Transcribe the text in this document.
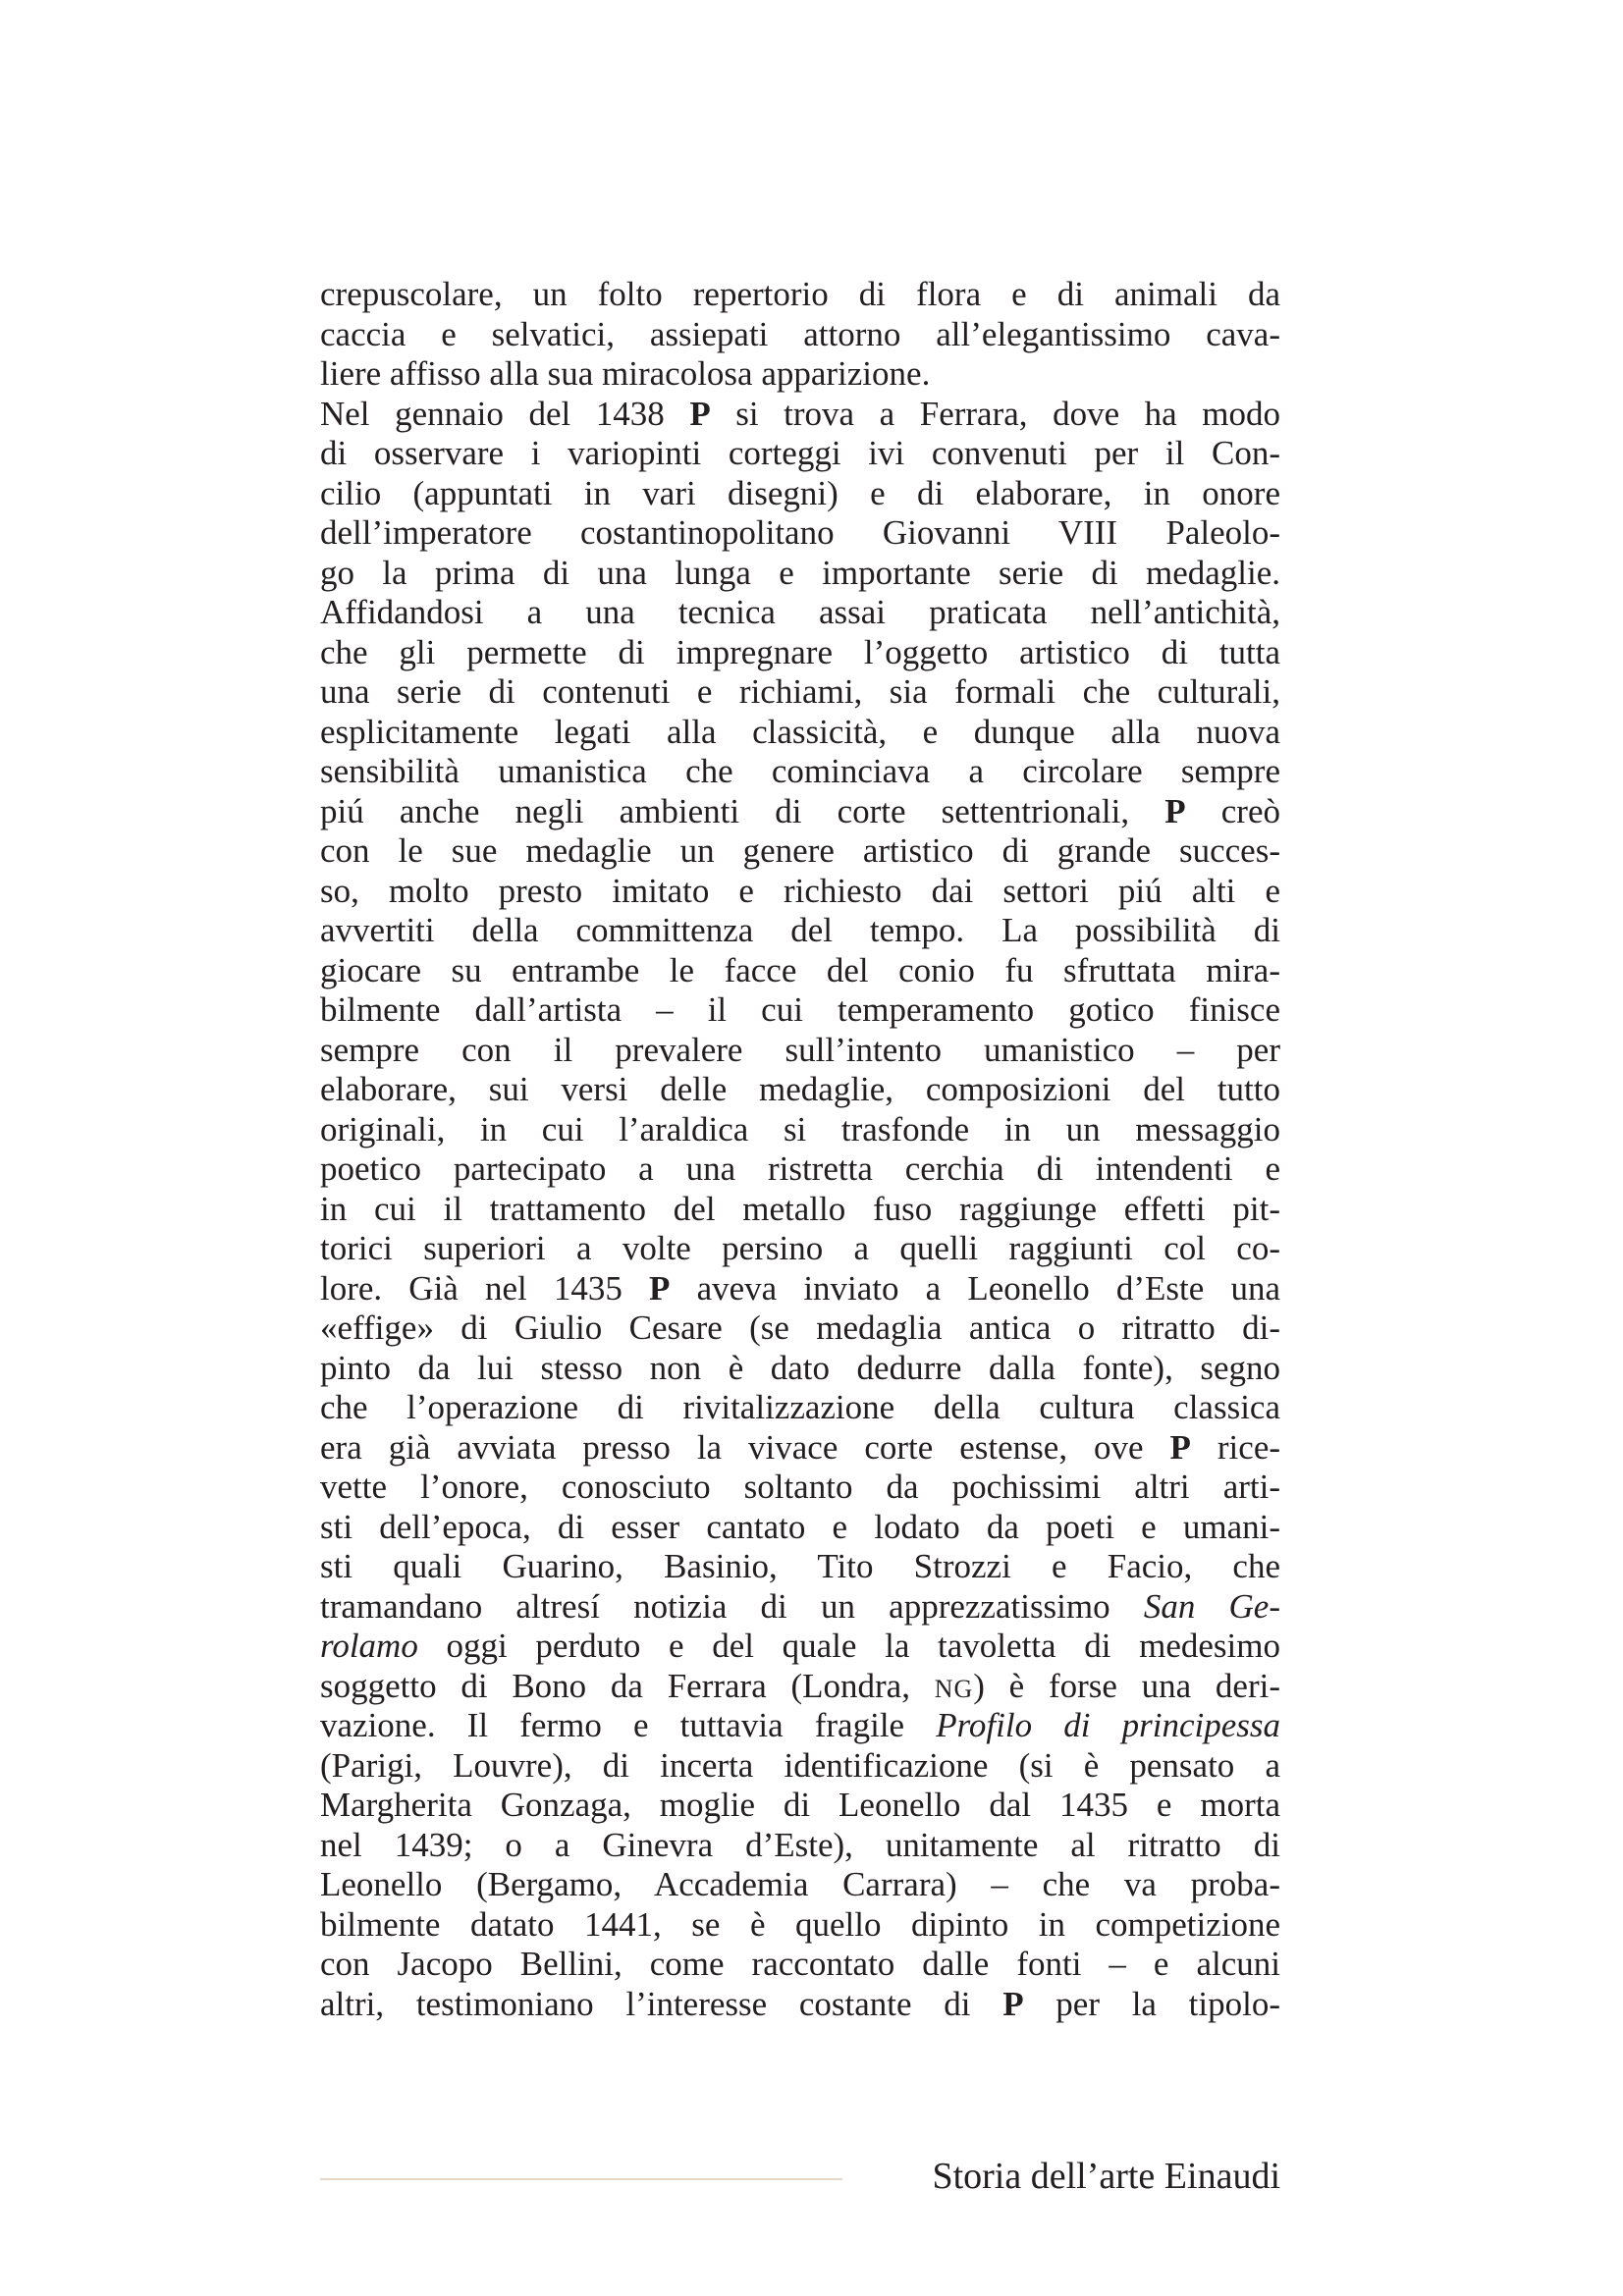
crepuscolare, un folto repertorio di flora e di animali da
caccia e selvatici, assiepati attorno all’elegantissimo cava-
liere affisso alla sua miracolosa apparizione.
Nel gennaio del 1438 P si trova a Ferrara, dove ha modo
di osservare i variopinti corteggi ivi convenuti per il Con-
cilio (appuntati in vari disegni) e di elaborare, in onore
dell’imperatore costantinopolitano Giovanni VIII Paleolo-
go la prima di una lunga e importante serie di medaglie.
Affidandosi a una tecnica assai praticata nell’antichità,
che gli permette di impregnare l’oggetto artistico di tutta
una serie di contenuti e richiami, sia formali che culturali,
esplicitamente legati alla classicità, e dunque alla nuova
sensibilità umanistica che cominciava a circolare sempre
piú anche negli ambienti di corte settentrionali, P creò
con le sue medaglie un genere artistico di grande succes-
so, molto presto imitato e richiesto dai settori piú alti e
avvertiti della committenza del tempo. La possibilità di
giocare su entrambe le facce del conio fu sfruttata mira-
bilmente dall’artista – il cui temperamento gotico finisce
sempre con il prevalere sull’intento umanistico – per
elaborare, sui versi delle medaglie, composizioni del tutto
originali, in cui l’araldica si trasfonde in un messaggio
poetico partecipato a una ristretta cerchia di intendenti e
in cui il trattamento del metallo fuso raggiunge effetti pit-
torici superiori a volte persino a quelli raggiunti col co-
lore. Già nel 1435 P aveva inviato a Leonello d’Este una
«effige» di Giulio Cesare (se medaglia antica o ritratto di-
pinto da lui stesso non è dato dedurre dalla fonte), segno
che l’operazione di rivitalizzazione della cultura classica
era già avviata presso la vivace corte estense, ove P rice-
vette l’onore, conosciuto soltanto da pochissimi altri arti-
sti dell’epoca, di esser cantato e lodato da poeti e umani-
sti quali Guarino, Basinio, Tito Strozzi e Facio, che
tramandano altresí notizia di un apprezzatissimo San Ge-
rolamo oggi perduto e del quale la tavoletta di medesimo
soggetto di Bono da Ferrara (Londra, NG) è forse una deri-
vazione. Il fermo e tuttavia fragile Profilo di principessa
(Parigi, Louvre), di incerta identificazione (si è pensato a
Margherita Gonzaga, moglie di Leonello dal 1435 e morta
nel 1439; o a Ginevra d’Este), unitamente al ritratto di
Leonello (Bergamo, Accademia Carrara) – che va proba-
bilmente datato 1441, se è quello dipinto in competizione
con Jacopo Bellini, come raccontato dalle fonti – e alcuni
altri, testimoniano l’interesse costante di P per la tipolo-
Storia dell’arte Einaudi
